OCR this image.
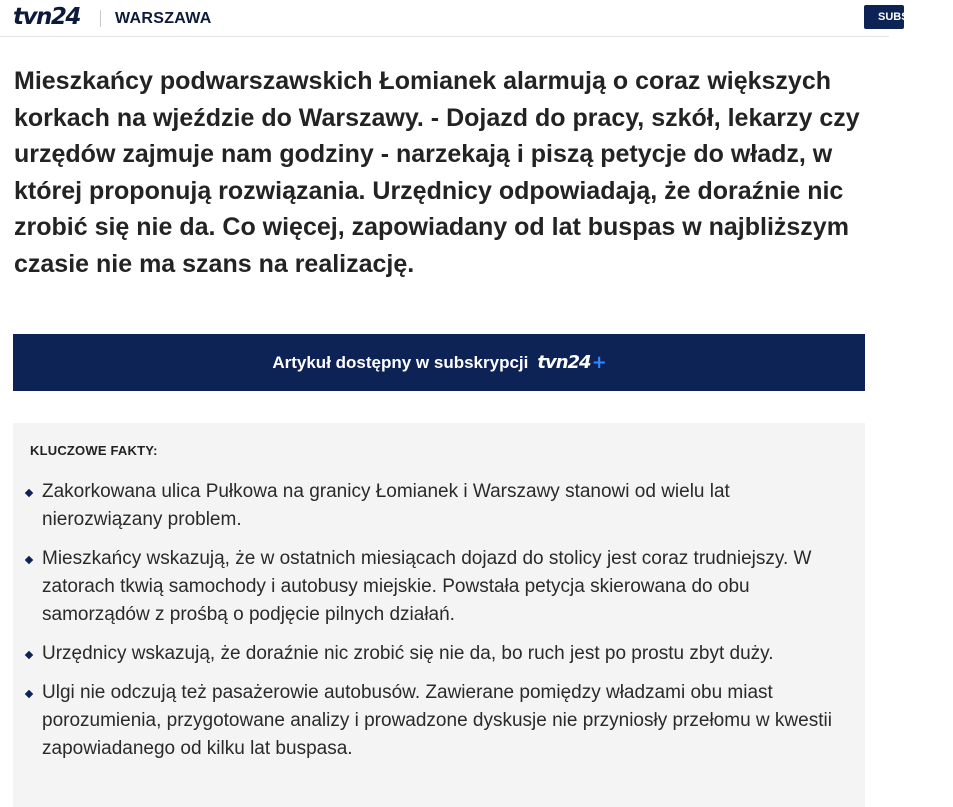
tvn24 WARSZAWA	SUBSKRYBUJ

Mieszkańcy podwarszawskich Łomianek alarmują o coraz większych korkach na wjeździe do Warszawy. - Dojazd do pracy, szkół, lekarzy czy urzędów zajmuje nam godziny - narzekają i piszą petycje do władz, w której proponują rozwiązania. Urzędnicy odpowiadają, że doraźnie nic zrobić się nie da. Co więcej, zapowiadany od lat buspas w najbliższym czasie nie ma szans na realizację.

Artykuł dostępny w subskrypcji tvn24+
KLUCZOWE FAKTY:
Zakorkowana ulica Pułkowa na granicy Łomianek i Warszawy stanowi od wielu lat nierozwiązany problem.
Mieszkańcy wskazują, że w ostatnich miesiącach dojazd do stolicy jest coraz trudniejszy. W zatorach tkwią samochody i autobusy miejskie. Powstała petycja skierowana do obu samorządów z prośbą o podjęcie pilnych działań.
Urzędnicy wskazują, że doraźnie nic zrobić się nie da, bo ruch jest po prostu zbyt duży.
Ulgi nie odczują też pasażerowie autobusów. Zawierane pomiędzy władzami obu miast porozumienia, przygotowane analizy i prowadzone dyskusje nie przyniosły przełomu w kwestii zapowiadanego od kilku lat buspasa.
